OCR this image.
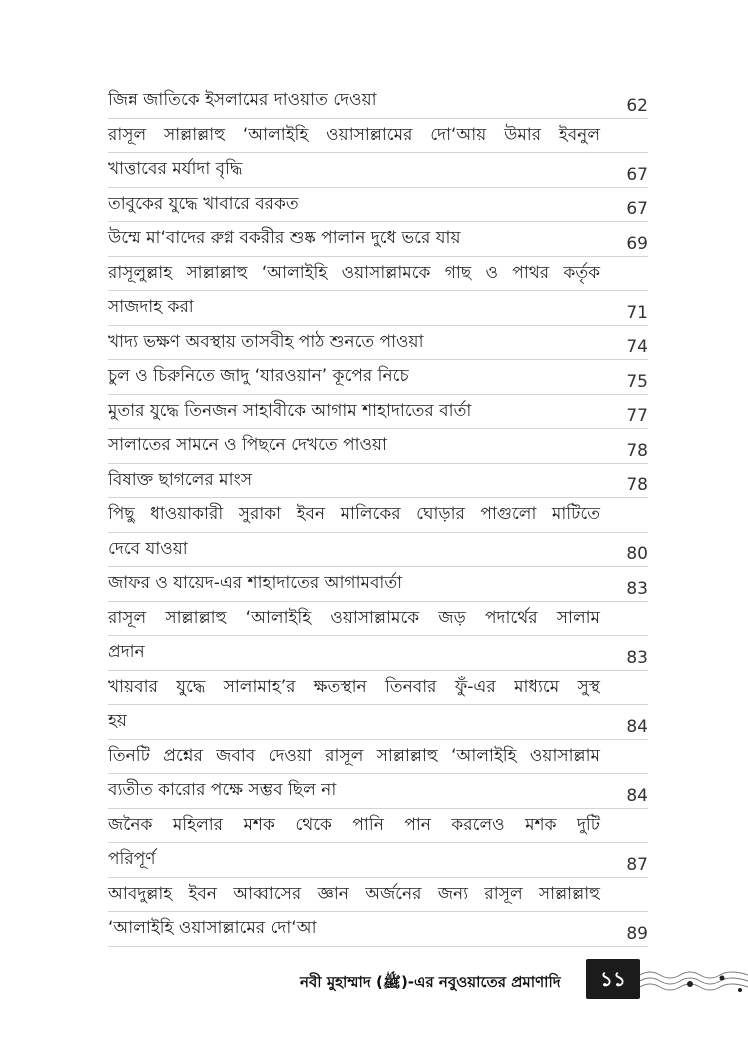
জিন্ন জাতিকে ইসলামের দাওয়াত দেওয়া	62
রাসূল সাল্লাল্লাহু ‘আলাইহি ওয়াসাল্লামের দো‘আয় উমার ইবনুল
খাত্তাবের মর্যাদা বৃদ্ধি	67
তাবুকের যুদ্ধে খাবারে বরকত	67
উম্মে মা‘বাদের রুগ্ন বকরীর শুষ্ক পালান দুধে ভরে যায়	69
রাসূলুল্লাহ সাল্লাল্লাহু ‘আলাইহি ওয়াসাল্লামকে গাছ ও পাথর কর্তৃক
সাজদাহ করা	71
খাদ্য ভক্ষণ অবস্থায় তাসবীহ পাঠ শুনতে পাওয়া	74
চুল ও চিরুনিতে জাদু ‘যারওয়ান’ কূপের নিচে	75
মুতার যুদ্ধে তিনজন সাহাবীকে আগাম শাহাদাতের বার্তা	77
সালাতের সামনে ও পিছনে দেখতে পাওয়া	78
বিষাক্ত ছাগলের মাংস	78
পিছু ধাওয়াকারী সুরাকা ইবন মালিকের ঘোড়ার পাগুলো মাটিতে
দেবে যাওয়া	80
জাফর ও যায়েদ-এর শাহাদাতের আগামবার্তা	83
রাসূল সাল্লাল্লাহু ‘আলাইহি ওয়াসাল্লামকে জড় পদার্থের সালাম
প্রদান	83
খায়বার যুদ্ধে সালামাহ’র ক্ষতস্থান তিনবার ফুঁ-এর মাধ্যমে সুস্থ
হয়	84
তিনটি প্রশ্নের জবাব দেওয়া রাসূল সাল্লাল্লাহু ‘আলাইহি ওয়াসাল্লাম
ব্যতীত কারোর পক্ষে সম্ভব ছিল না	84
জনৈক মহিলার মশক থেকে পানি পান করলেও মশক দুটি
পরিপূর্ণ	87
আবদুল্লাহ ইবন আব্বাসের জ্ঞান অর্জনের জন্য রাসূল সাল্লাল্লাহু
‘আলাইহি ওয়াসাল্লামের দো‘আ	89
নবী মুহাম্মাদ (ﷺ)-এর নবুওয়াতের প্রমাণাদি	১১
